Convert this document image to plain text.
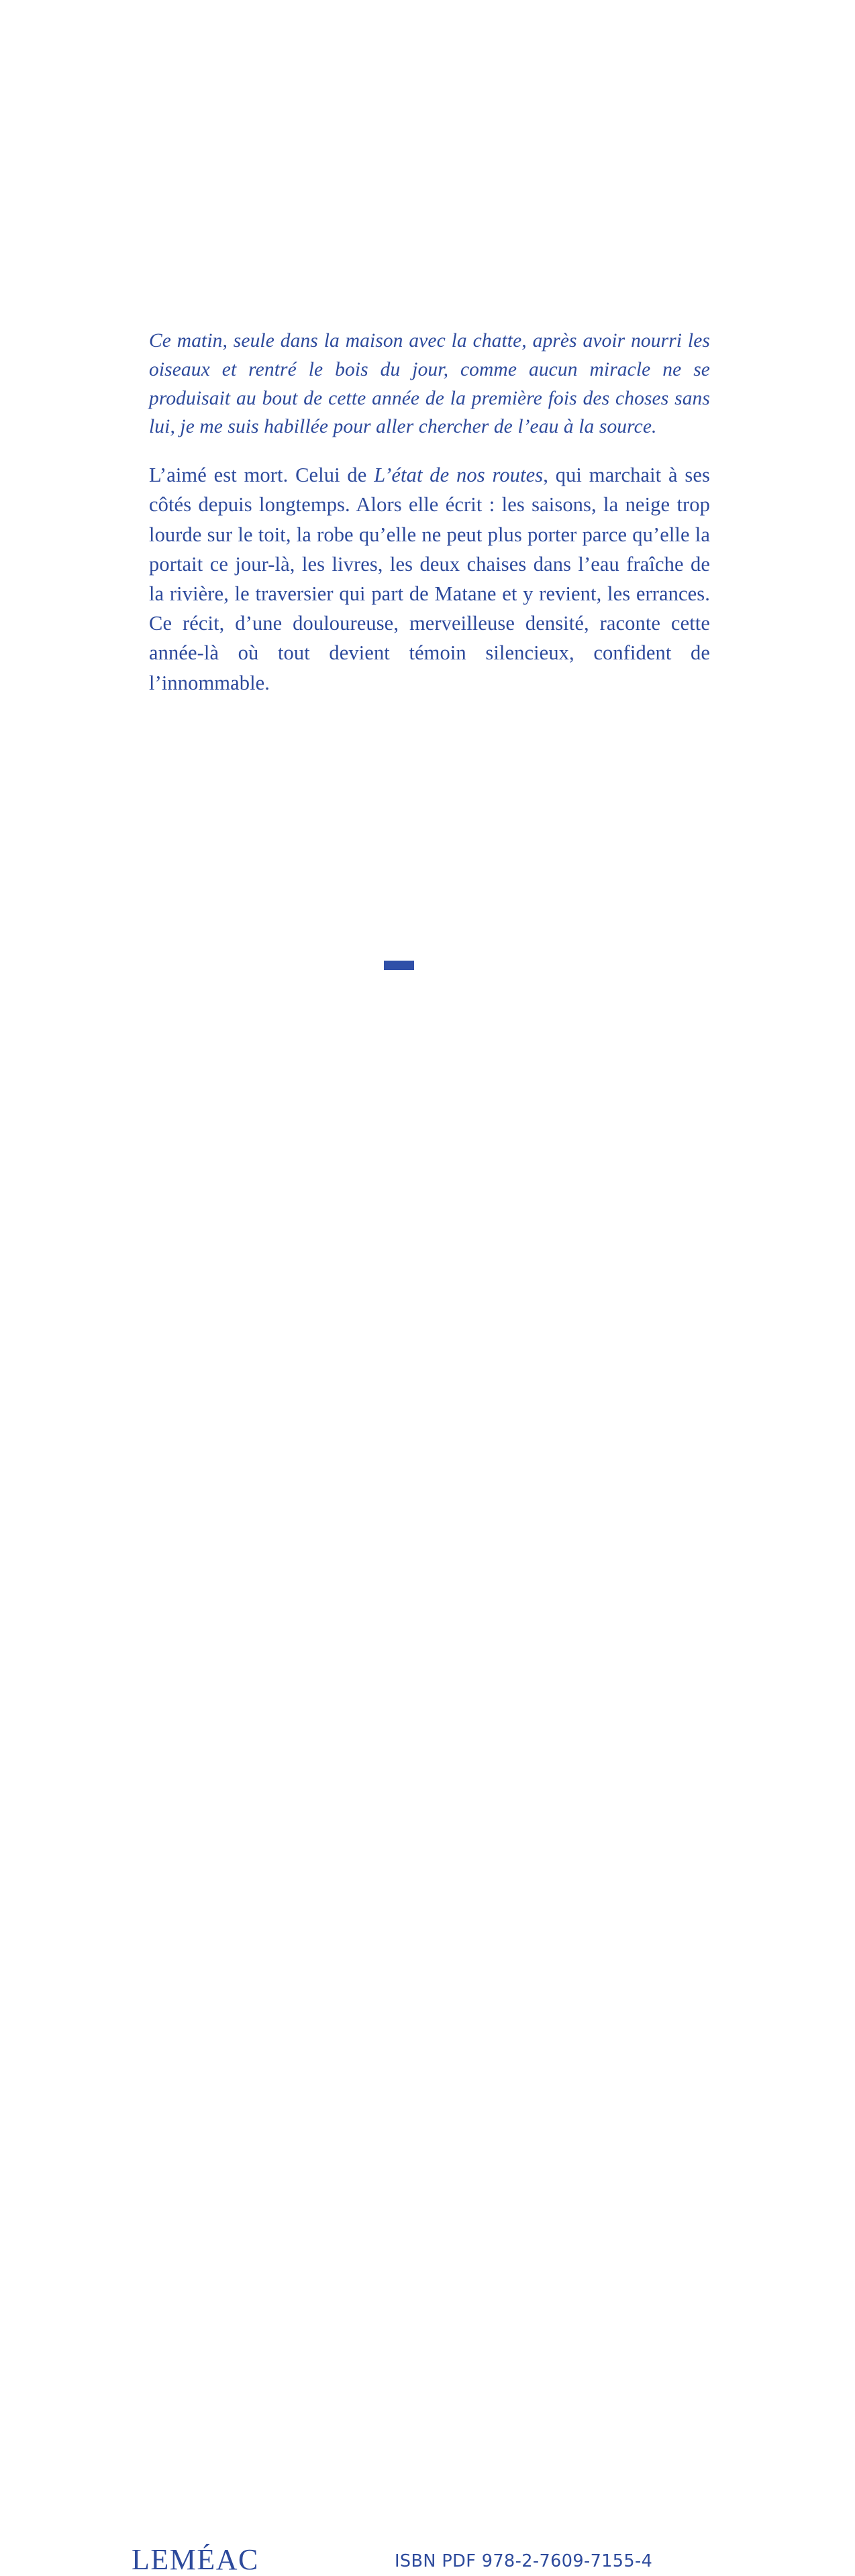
Ce matin, seule dans la maison avec la chatte, après avoir nourri les oiseaux et rentré le bois du jour, comme aucun miracle ne se produisait au bout de cette année de la première fois des choses sans lui, je me suis habillée pour aller chercher de l’eau à la source.

L’aimé est mort. Celui de L’état de nos routes, qui marchait à ses côtés depuis longtemps. Alors elle écrit : les saisons, la neige trop lourde sur le toit, la robe qu’elle ne peut plus porter parce qu’elle la portait ce jour-là, les livres, les deux chaises dans l’eau fraîche de la rivière, le traversier qui part de Matane et y revient, les errances. Ce récit, d’une douloureuse, merveilleuse densité, raconte cette année-là où tout devient témoin silencieux, confident de l’innommable.

LEMÉAC	ISBN PDF 978-2-7609-7155-4
